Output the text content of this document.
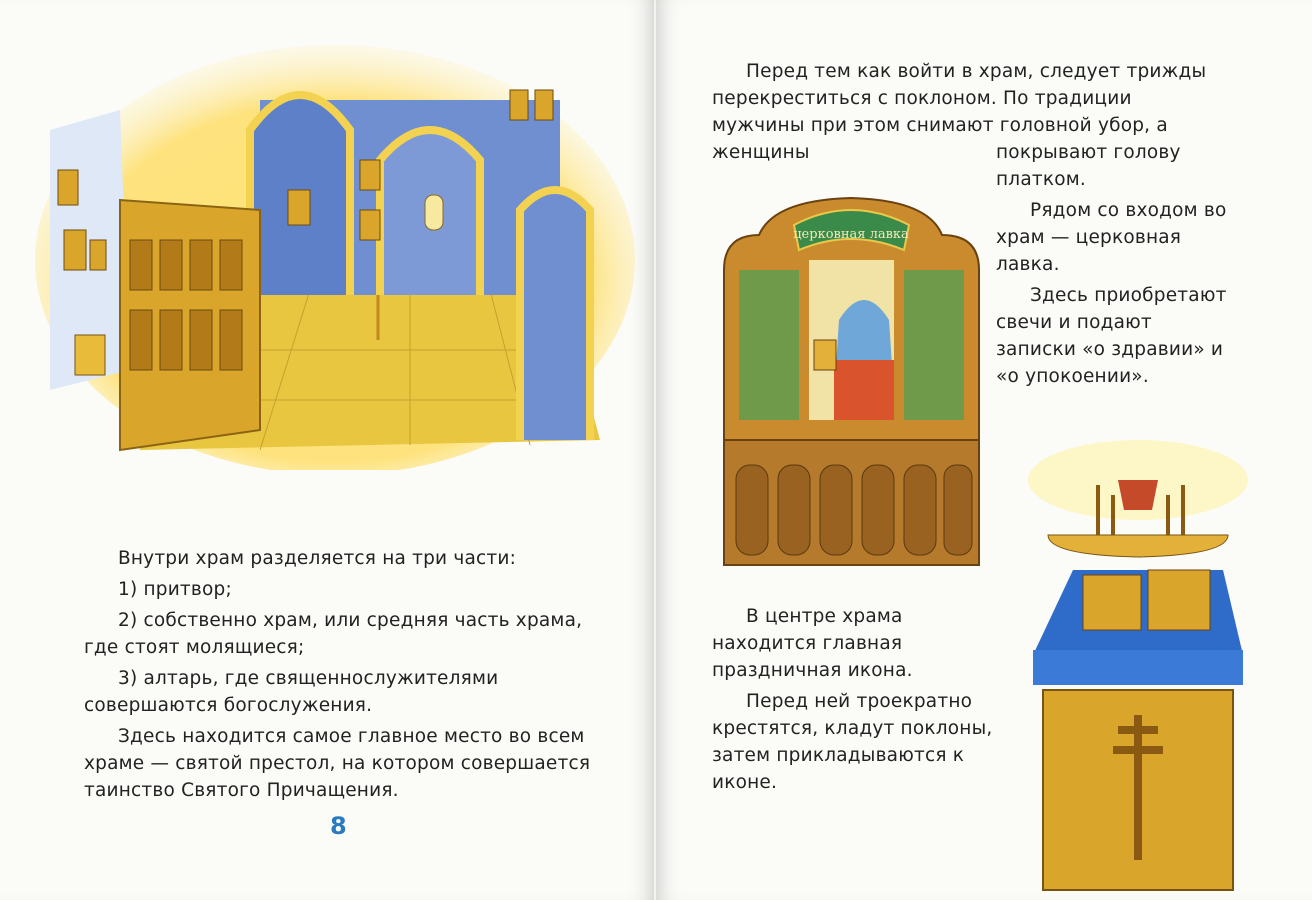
Внутри храм разделяется на три части:

1) притвор;

2) собственно храм, или средняя часть храма, где стоят молящиеся;

3) алтарь, где священнослужителями совершаются богослужения.

Здесь находится самое главное место во всем храме — святой престол, на котором совершается таинство Святого Причащения.

8

Перед тем как войти в храм, следует трижды перекреститься с поклоном. По традиции мужчины при этом снимают головной убор, а женщины	покрывают голову платком.

Рядом со входом во храм — церковная лавка.

Здесь приобретают свечи и подают записки «о здравии» и «о упокоении».

церковная лавка

В центре храма находится главная праздничная икона.

Перед ней троекратно крестятся, кладут поклоны, затем прикладываются к иконе.
